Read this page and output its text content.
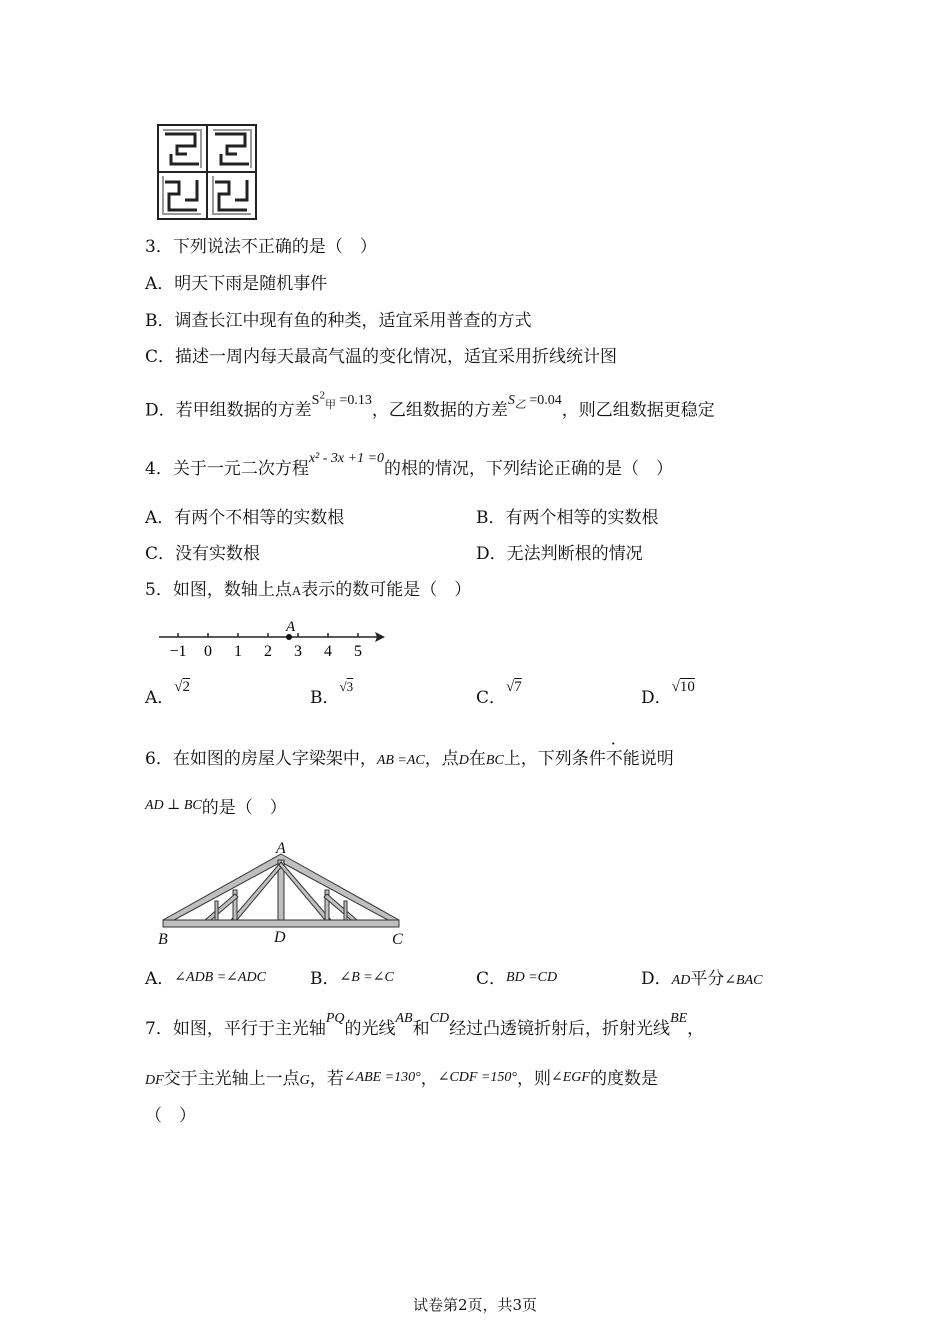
3．下列说法不正确的是（　）
A．明天下雨是随机事件
B．调查长江中现有鱼的种类，适宜采用普查的方式
C．描述一周内每天最高气温的变化情况，适宜采用折线统计图
D．若甲组数据的方差$^{S^2_甲 =0.13}$，乙组数据的方差$^{S_乙 =0.04}$，则乙组数据更稳定
4．关于一元二次方程$^{x^2 - 3x +1 =0}$的根的情况，下列结论正确的是（　）
A．有两个不相等的实数根	B．有两个相等的实数根
C．没有实数根	D．无法判断根的情况
5．如图，数轴上点A表示的数可能是（　）
A
−1 0 1 2 3 4 5
A．√2
B．$^{√3}$
C．√7
D．√10
6．在如图的房屋人字梁架中，AB =AC，点D在BC上，下列条件不能说明
$^{AD \perp BC}$的是（　）
A
B	D	C
A．∠ADB =∠ADC	B．∠B =∠C	C．BD =CD	D．AD平分∠BAC
7．如图，平行于主光轴$^{PQ}$的光线$^{AB}$和$^{CD}$经过凸透镜折射后，折射光线$^{BE}$，
DF交于主光轴上一点G，若∠ABE =130°，∠CDF =150°，则∠EGF的度数是
（　）
试卷第2页，共3页
